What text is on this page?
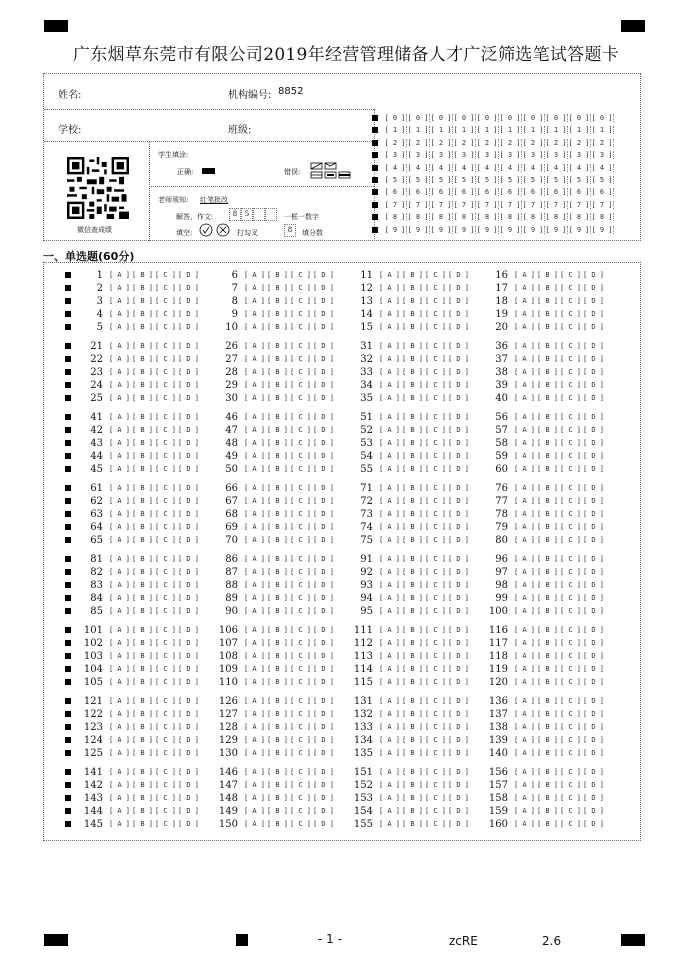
广东烟草东莞市有限公司2019年经营管理储备人才广泛筛选笔试答题卡
姓名:	机构编号: 8852
学校:	班级:
微信查成绩
学生填涂:
正确:	错误:
老师须知: 红笔批改
解答、作文:	8	5	一框一数字
填空:	打勾叉	8	填分数
[ 0 ] [ 0 ] [ 0 ] [ 0 ] [ 0 ] [ 0 ] [ 0 ] [ 0 ] [ 0 ] [ 0 ]
[ 1 ] [ 1 ] [ 1 ] [ 1 ] [ 1 ] [ 1 ] [ 1 ] [ 1 ] [ 1 ] [ 1 ]
[ 2 ] [ 2 ] [ 2 ] [ 2 ] [ 2 ] [ 2 ] [ 2 ] [ 2 ] [ 2 ] [ 2 ]
[ 3 ] [ 3 ] [ 3 ] [ 3 ] [ 3 ] [ 3 ] [ 3 ] [ 3 ] [ 3 ] [ 3 ]
[ 4 ] [ 4 ] [ 4 ] [ 4 ] [ 4 ] [ 4 ] [ 4 ] [ 4 ] [ 4 ] [ 4 ]
[ 5 ] [ 5 ] [ 5 ] [ 5 ] [ 5 ] [ 5 ] [ 5 ] [ 5 ] [ 5 ] [ 5 ]
[ 6 ] [ 6 ] [ 6 ] [ 6 ] [ 6 ] [ 6 ] [ 6 ] [ 6 ] [ 6 ] [ 6 ]
[ 7 ] [ 7 ] [ 7 ] [ 7 ] [ 7 ] [ 7 ] [ 7 ] [ 7 ] [ 7 ] [ 7 ]
[ 8 ] [ 8 ] [ 8 ] [ 8 ] [ 8 ] [ 8 ] [ 8 ] [ 8 ] [ 8 ] [ 8 ]
[ 9 ] [ 9 ] [ 9 ] [ 9 ] [ 9 ] [ 9 ] [ 9 ] [ 9 ] [ 9 ] [ 9 ]
一、单选题(60分)
1 [ A ] [ B ] [ C ] [ D ]	6 [ A ] [ B ] [ C ] [ D ]	11 [ A ] [ B ] [ C ] [ D ]	16 [ A ] [ B ] [ C ] [ D ]
2 [ A ] [ B ] [ C ] [ D ]	7 [ A ] [ B ] [ C ] [ D ]	12 [ A ] [ B ] [ C ] [ D ]	17 [ A ] [ B ] [ C ] [ D ]
3 [ A ] [ B ] [ C ] [ D ]	8 [ A ] [ B ] [ C ] [ D ]	13 [ A ] [ B ] [ C ] [ D ]	18 [ A ] [ B ] [ C ] [ D ]
4 [ A ] [ B ] [ C ] [ D ]	9 [ A ] [ B ] [ C ] [ D ]	14 [ A ] [ B ] [ C ] [ D ]	19 [ A ] [ B ] [ C ] [ D ]
5 [ A ] [ B ] [ C ] [ D ]	10 [ A ] [ B ] [ C ] [ D ]	15 [ A ] [ B ] [ C ] [ D ]	20 [ A ] [ B ] [ C ] [ D ]
21 [ A ] [ B ] [ C ] [ D ]	26 [ A ] [ B ] [ C ] [ D ]	31 [ A ] [ B ] [ C ] [ D ]	36 [ A ] [ B ] [ C ] [ D ]
22 [ A ] [ B ] [ C ] [ D ]	27 [ A ] [ B ] [ C ] [ D ]	32 [ A ] [ B ] [ C ] [ D ]	37 [ A ] [ B ] [ C ] [ D ]
23 [ A ] [ B ] [ C ] [ D ]	28 [ A ] [ B ] [ C ] [ D ]	33 [ A ] [ B ] [ C ] [ D ]	38 [ A ] [ B ] [ C ] [ D ]
24 [ A ] [ B ] [ C ] [ D ]	29 [ A ] [ B ] [ C ] [ D ]	34 [ A ] [ B ] [ C ] [ D ]	39 [ A ] [ B ] [ C ] [ D ]
25 [ A ] [ B ] [ C ] [ D ]	30 [ A ] [ B ] [ C ] [ D ]	35 [ A ] [ B ] [ C ] [ D ]	40 [ A ] [ B ] [ C ] [ D ]
41 [ A ] [ B ] [ C ] [ D ]	46 [ A ] [ B ] [ C ] [ D ]	51 [ A ] [ B ] [ C ] [ D ]	56 [ A ] [ B ] [ C ] [ D ]
42 [ A ] [ B ] [ C ] [ D ]	47 [ A ] [ B ] [ C ] [ D ]	52 [ A ] [ B ] [ C ] [ D ]	57 [ A ] [ B ] [ C ] [ D ]
43 [ A ] [ B ] [ C ] [ D ]	48 [ A ] [ B ] [ C ] [ D ]	53 [ A ] [ B ] [ C ] [ D ]	58 [ A ] [ B ] [ C ] [ D ]
44 [ A ] [ B ] [ C ] [ D ]	49 [ A ] [ B ] [ C ] [ D ]	54 [ A ] [ B ] [ C ] [ D ]	59 [ A ] [ B ] [ C ] [ D ]
45 [ A ] [ B ] [ C ] [ D ]	50 [ A ] [ B ] [ C ] [ D ]	55 [ A ] [ B ] [ C ] [ D ]	60 [ A ] [ B ] [ C ] [ D ]
61 [ A ] [ B ] [ C ] [ D ]	66 [ A ] [ B ] [ C ] [ D ]	71 [ A ] [ B ] [ C ] [ D ]	76 [ A ] [ B ] [ C ] [ D ]
62 [ A ] [ B ] [ C ] [ D ]	67 [ A ] [ B ] [ C ] [ D ]	72 [ A ] [ B ] [ C ] [ D ]	77 [ A ] [ B ] [ C ] [ D ]
63 [ A ] [ B ] [ C ] [ D ]	68 [ A ] [ B ] [ C ] [ D ]	73 [ A ] [ B ] [ C ] [ D ]	78 [ A ] [ B ] [ C ] [ D ]
64 [ A ] [ B ] [ C ] [ D ]	69 [ A ] [ B ] [ C ] [ D ]	74 [ A ] [ B ] [ C ] [ D ]	79 [ A ] [ B ] [ C ] [ D ]
65 [ A ] [ B ] [ C ] [ D ]	70 [ A ] [ B ] [ C ] [ D ]	75 [ A ] [ B ] [ C ] [ D ]	80 [ A ] [ B ] [ C ] [ D ]
81 [ A ] [ B ] [ C ] [ D ]	86 [ A ] [ B ] [ C ] [ D ]	91 [ A ] [ B ] [ C ] [ D ]	96 [ A ] [ B ] [ C ] [ D ]
82 [ A ] [ B ] [ C ] [ D ]	87 [ A ] [ B ] [ C ] [ D ]	92 [ A ] [ B ] [ C ] [ D ]	97 [ A ] [ B ] [ C ] [ D ]
83 [ A ] [ B ] [ C ] [ D ]	88 [ A ] [ B ] [ C ] [ D ]	93 [ A ] [ B ] [ C ] [ D ]	98 [ A ] [ B ] [ C ] [ D ]
84 [ A ] [ B ] [ C ] [ D ]	89 [ A ] [ B ] [ C ] [ D ]	94 [ A ] [ B ] [ C ] [ D ]	99 [ A ] [ B ] [ C ] [ D ]
85 [ A ] [ B ] [ C ] [ D ]	90 [ A ] [ B ] [ C ] [ D ]	95 [ A ] [ B ] [ C ] [ D ]	100 [ A ] [ B ] [ C ] [ D ]
101 [ A ] [ B ] [ C ] [ D ]	106 [ A ] [ B ] [ C ] [ D ]	111 [ A ] [ B ] [ C ] [ D ]	116 [ A ] [ B ] [ C ] [ D ]
102 [ A ] [ B ] [ C ] [ D ]	107 [ A ] [ B ] [ C ] [ D ]	112 [ A ] [ B ] [ C ] [ D ]	117 [ A ] [ B ] [ C ] [ D ]
103 [ A ] [ B ] [ C ] [ D ]	108 [ A ] [ B ] [ C ] [ D ]	113 [ A ] [ B ] [ C ] [ D ]	118 [ A ] [ B ] [ C ] [ D ]
104 [ A ] [ B ] [ C ] [ D ]	109 [ A ] [ B ] [ C ] [ D ]	114 [ A ] [ B ] [ C ] [ D ]	119 [ A ] [ B ] [ C ] [ D ]
105 [ A ] [ B ] [ C ] [ D ]	110 [ A ] [ B ] [ C ] [ D ]	115 [ A ] [ B ] [ C ] [ D ]	120 [ A ] [ B ] [ C ] [ D ]
121 [ A ] [ B ] [ C ] [ D ]	126 [ A ] [ B ] [ C ] [ D ]	131 [ A ] [ B ] [ C ] [ D ]	136 [ A ] [ B ] [ C ] [ D ]
122 [ A ] [ B ] [ C ] [ D ]	127 [ A ] [ B ] [ C ] [ D ]	132 [ A ] [ B ] [ C ] [ D ]	137 [ A ] [ B ] [ C ] [ D ]
123 [ A ] [ B ] [ C ] [ D ]	128 [ A ] [ B ] [ C ] [ D ]	133 [ A ] [ B ] [ C ] [ D ]	138 [ A ] [ B ] [ C ] [ D ]
124 [ A ] [ B ] [ C ] [ D ]	129 [ A ] [ B ] [ C ] [ D ]	134 [ A ] [ B ] [ C ] [ D ]	139 [ A ] [ B ] [ C ] [ D ]
125 [ A ] [ B ] [ C ] [ D ]	130 [ A ] [ B ] [ C ] [ D ]	135 [ A ] [ B ] [ C ] [ D ]	140 [ A ] [ B ] [ C ] [ D ]
141 [ A ] [ B ] [ C ] [ D ]	146 [ A ] [ B ] [ C ] [ D ]	151 [ A ] [ B ] [ C ] [ D ]	156 [ A ] [ B ] [ C ] [ D ]
142 [ A ] [ B ] [ C ] [ D ]	147 [ A ] [ B ] [ C ] [ D ]	152 [ A ] [ B ] [ C ] [ D ]	157 [ A ] [ B ] [ C ] [ D ]
143 [ A ] [ B ] [ C ] [ D ]	148 [ A ] [ B ] [ C ] [ D ]	153 [ A ] [ B ] [ C ] [ D ]	158 [ A ] [ B ] [ C ] [ D ]
144 [ A ] [ B ] [ C ] [ D ]	149 [ A ] [ B ] [ C ] [ D ]	154 [ A ] [ B ] [ C ] [ D ]	159 [ A ] [ B ] [ C ] [ D ]
145 [ A ] [ B ] [ C ] [ D ]	150 [ A ] [ B ] [ C ] [ D ]	155 [ A ] [ B ] [ C ] [ D ]	160 [ A ] [ B ] [ C ] [ D ]
- 1 -	zcRE	2.6
